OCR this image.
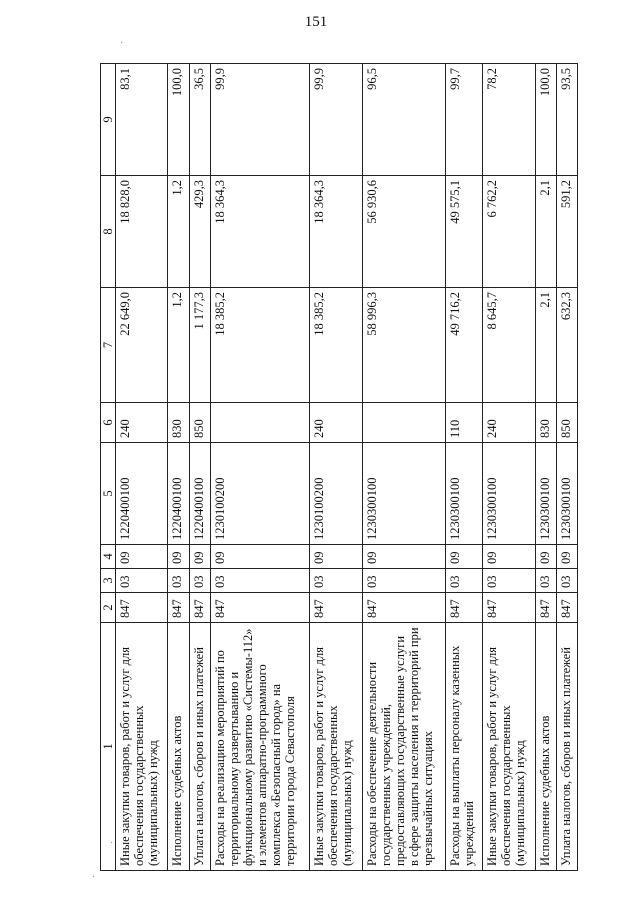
151
·
·
·
1	2	3	4	5	6	7	8	9
Иные закупки товаров, работ и услуг для обеспечения государственных (муниципальных) нужд	847	03	09	1220400100	240	22 649,0	18 828,0	83,1
Исполнение судебных актов	847	03	09	1220400100	830	1,2	1,2	100,0
Уплата налогов, сборов и иных платежей	847	03	09	1220400100	850	1 177,3	429,3	36,5
Расходы на реализацию мероприятий по территориальному развертыванию и функциональному развитию «Системы-112» и элементов аппаратно-программного комплекса «Безопасный город» на территории города Севастополя	847	03	09	1230100200		18 385,2	18 364,3	99,9
Иные закупки товаров, работ и услуг для обеспечения государственных (муниципальных) нужд	847	03	09	1230100200	240	18 385,2	18 364,3	99,9
Расходы на обеспечение деятельности государственных учреждений, предоставляющих государственные услуги в сфере защиты населения и территорий при чрезвычайных ситуациях	847	03	09	1230300100		58 996,3	56 930,6	96,5
Расходы на выплаты персоналу казенных учреждений	847	03	09	1230300100	110	49 716,2	49 575,1	99,7
Иные закупки товаров, работ и услуг для обеспечения государственных (муниципальных) нужд	847	03	09	1230300100	240	8 645,7	6 762,2	78,2
Исполнение судебных актов	847	03	09	1230300100	830	2,1	2,1	100,0
Уплата налогов, сборов и иных платежей	847	03	09	1230300100	850	632,3	591,2	93,5
